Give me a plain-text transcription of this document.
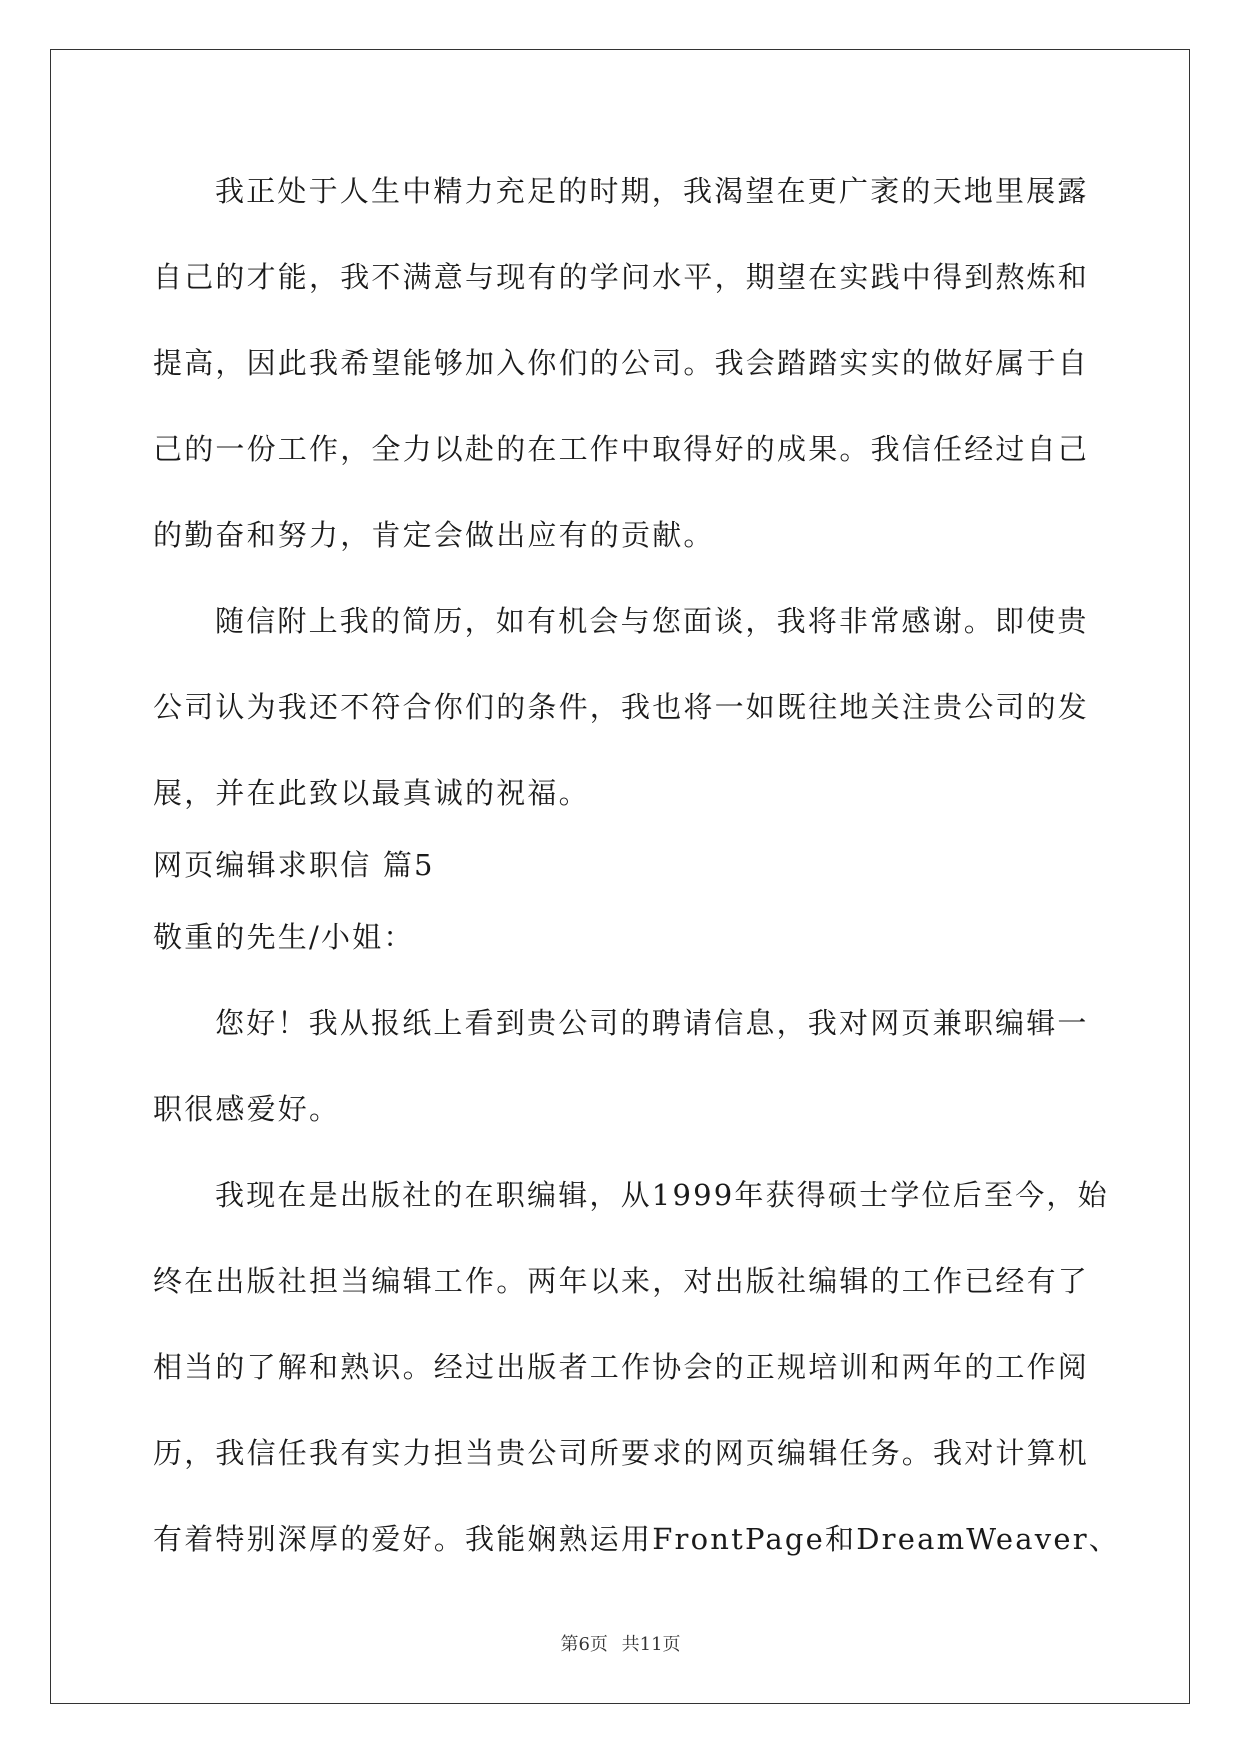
我正处于人生中精力充足的时期，我渴望在更广袤的天地里展露
自己的才能，我不满意与现有的学问水平，期望在实践中得到熬炼和
提高，因此我希望能够加入你们的公司。我会踏踏实实的做好属于自
己的一份工作，全力以赴的在工作中取得好的成果。我信任经过自己
的勤奋和努力，肯定会做出应有的贡献。
随信附上我的简历，如有机会与您面谈，我将非常感谢。即使贵
公司认为我还不符合你们的条件，我也将一如既往地关注贵公司的发
展，并在此致以最真诚的祝福。
网页编辑求职信 篇5
敬重的先生/小姐：
您好！我从报纸上看到贵公司的聘请信息，我对网页兼职编辑一
职很感爱好。
我现在是出版社的在职编辑，从1999年获得硕士学位后至今，始
终在出版社担当编辑工作。两年以来，对出版社编辑的工作已经有了
相当的了解和熟识。经过出版者工作协会的正规培训和两年的工作阅
历，我信任我有实力担当贵公司所要求的网页编辑任务。我对计算机
有着特别深厚的爱好。我能娴熟运用FrontPage和DreamWeaver、
第6页 共11页
